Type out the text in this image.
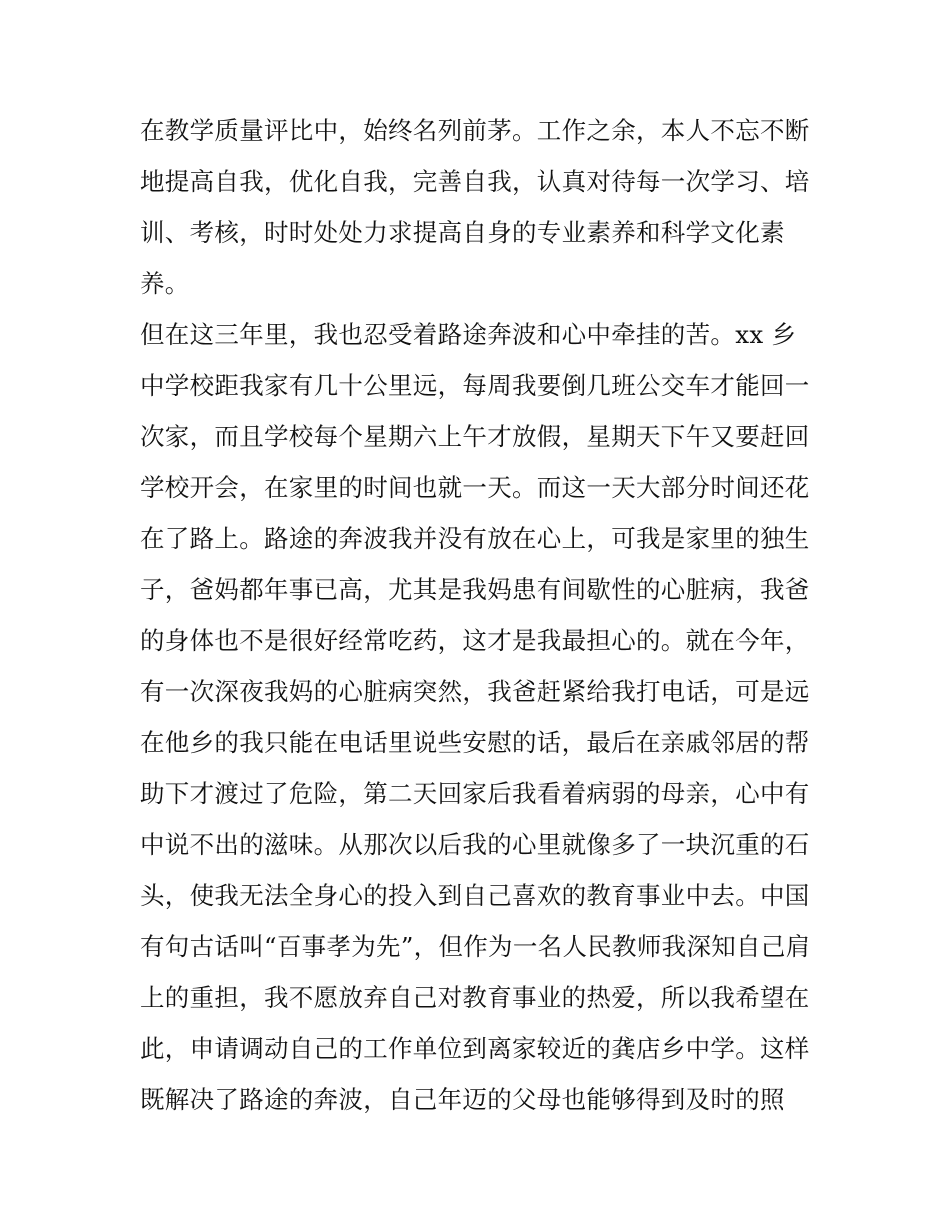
在教学质量评比中，始终名列前茅。工作之余，本人不忘不断
地提高自我，优化自我，完善自我，认真对待每一次学习、培
训、考核，时时处处力求提高自身的专业素养和科学文化素
养。
但在这三年里，我也忍受着路途奔波和心中牵挂的苦。xx 乡
中学校距我家有几十公里远，每周我要倒几班公交车才能回一
次家，而且学校每个星期六上午才放假，星期天下午又要赶回
学校开会，在家里的时间也就一天。而这一天大部分时间还花
在了路上。路途的奔波我并没有放在心上，可我是家里的独生
子，爸妈都年事已高，尤其是我妈患有间歇性的心脏病，我爸
的身体也不是很好经常吃药，这才是我最担心的。就在今年，
有一次深夜我妈的心脏病突然，我爸赶紧给我打电话，可是远
在他乡的我只能在电话里说些安慰的话，最后在亲戚邻居的帮
助下才渡过了危险，第二天回家后我看着病弱的母亲，心中有
中说不出的滋味。从那次以后我的心里就像多了一块沉重的石
头，使我无法全身心的投入到自己喜欢的教育事业中去。中国
有句古话叫“百事孝为先”，但作为一名人民教师我深知自己肩
上的重担，我不愿放弃自己对教育事业的热爱，所以我希望在
此，申请调动自己的工作单位到离家较近的龚店乡中学。这样
既解决了路途的奔波，自己年迈的父母也能够得到及时的照
